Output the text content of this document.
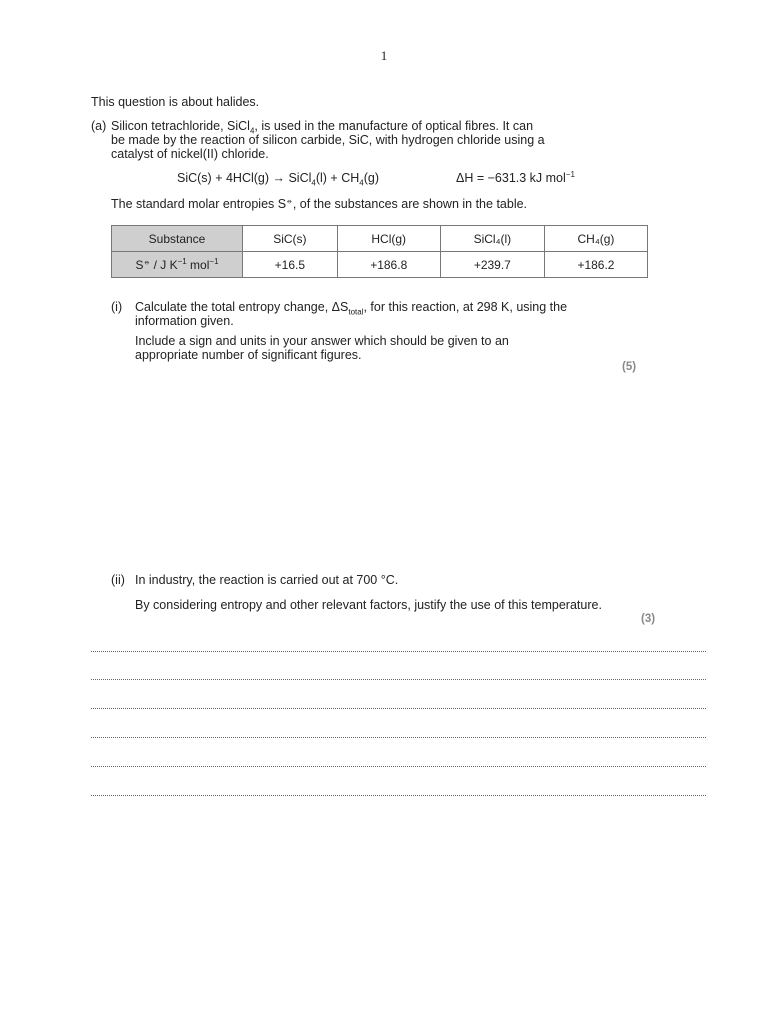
1
This question is about halides.
(a) Silicon tetrachloride, SiCl$_4$, is used in the manufacture of optical fibres. It can
be made by the reaction of silicon carbide, SiC, with hydrogen chloride using a
catalyst of nickel(II) chloride.
SiC(s) + 4HCl(g) → SiCl$_4$(l) + $CH_4(g)$	ΔH = −631.3 kJ mol$^{-1}$
The standard molar entropies S⦵, of the substances are shown in the table.
Substance	SiC(s)	HCl(g)	SiCl₄(l)	CH₄(g)
S⦵ / J $K^{-1}$ mol$^{-1}$	+16.5	+186.8	+239.7	+186.2
(i) Calculate the total entropy change, $\Delta S_{total}$, for this reaction, at 298 K, using the
information given.
Include a sign and units in your answer which should be given to an
appropriate number of significant figures.
(5)
(ii) In industry, the reaction is carried out at 700 °C.
By considering entropy and other relevant factors, justify the use of this temperature.
(3)
